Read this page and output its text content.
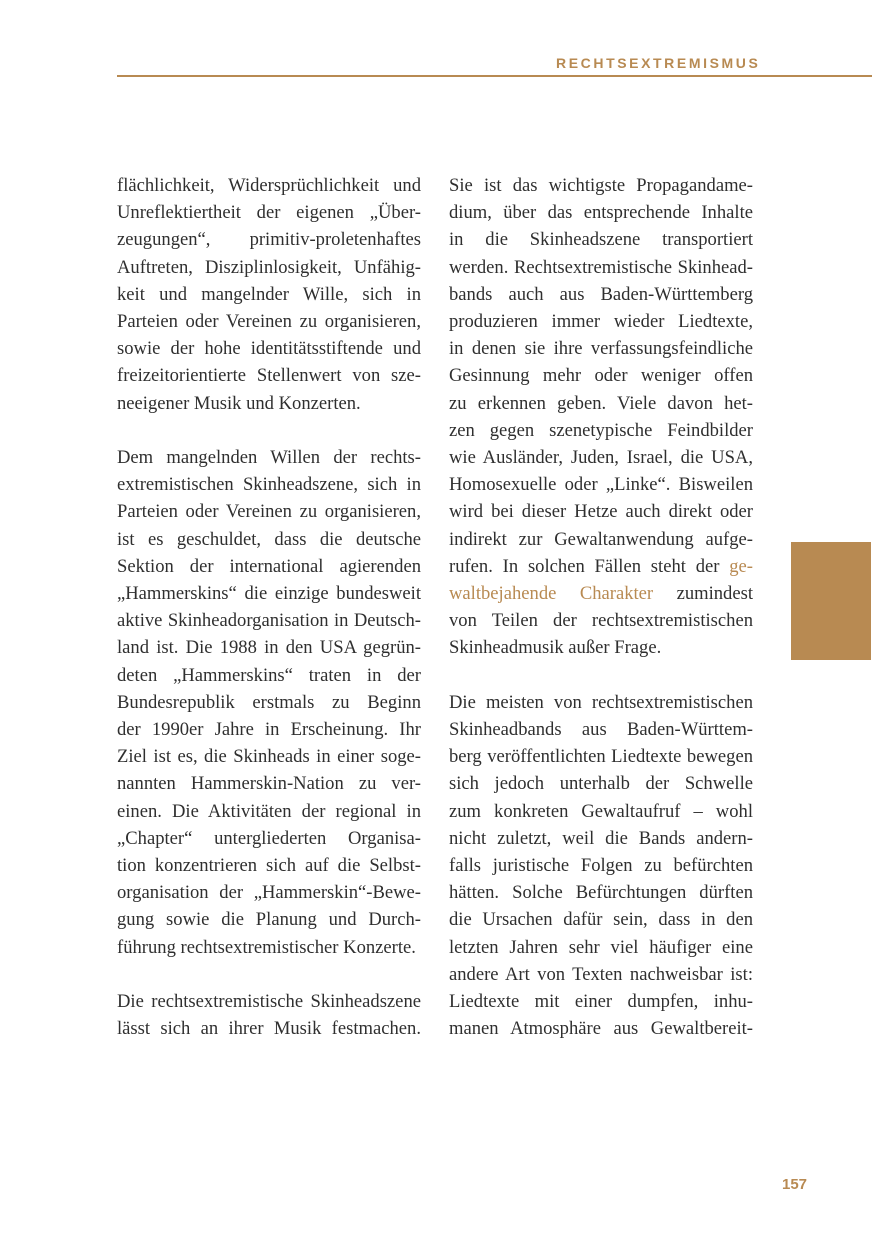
RECHTSEXTREMISMUS

flächlichkeit, Widersprüchlichkeit und
Unreflektiertheit der eigenen „Über-
zeugungen“, primitiv-proletenhaftes
Auftreten, Disziplinlosigkeit, Unfähig-
keit und mangelnder Wille, sich in
Parteien oder Vereinen zu organisieren,
sowie der hohe identitätsstiftende und
freizeitorientierte Stellenwert von sze-
neeigener Musik und Konzerten.

Dem mangelnden Willen der rechts-
extremistischen Skinheadszene, sich in
Parteien oder Vereinen zu organisieren,
ist es geschuldet, dass die deutsche
Sektion der international agierenden
„Hammerskins“ die einzige bundesweit
aktive Skinheadorganisation in Deutsch-
land ist. Die 1988 in den USA gegrün-
deten „Hammerskins“ traten in der
Bundesrepublik erstmals zu Beginn
der 1990er Jahre in Erscheinung. Ihr
Ziel ist es, die Skinheads in einer soge-
nannten Hammerskin-Nation zu ver-
einen. Die Aktivitäten der regional in
„Chapter“ untergliederten Organisa-
tion konzentrieren sich auf die Selbst-
organisation der „Hammerskin“-Bewe-
gung sowie die Planung und Durch-
führung rechtsextremistischer Konzerte.

Die rechtsextremistische Skinheadszene
lässt sich an ihrer Musik festmachen.

Sie ist das wichtigste Propagandame-
dium, über das entsprechende Inhalte
in die Skinheadszene transportiert
werden. Rechtsextremistische Skinhead-
bands auch aus Baden-Württemberg
produzieren immer wieder Liedtexte,
in denen sie ihre verfassungsfeindliche
Gesinnung mehr oder weniger offen
zu erkennen geben. Viele davon het-
zen gegen szenetypische Feindbilder
wie Ausländer, Juden, Israel, die USA,
Homosexuelle oder „Linke“. Bisweilen
wird bei dieser Hetze auch direkt oder
indirekt zur Gewaltanwendung aufge-
rufen. In solchen Fällen steht der ge-
waltbejahende Charakter zumindest
von Teilen der rechtsextremistischen
Skinheadmusik außer Frage.

Die meisten von rechtsextremistischen
Skinheadbands aus Baden-Württem-
berg veröffentlichten Liedtexte bewegen
sich jedoch unterhalb der Schwelle
zum konkreten Gewaltaufruf – wohl
nicht zuletzt, weil die Bands andern-
falls juristische Folgen zu befürchten
hätten. Solche Befürchtungen dürften
die Ursachen dafür sein, dass in den
letzten Jahren sehr viel häufiger eine
andere Art von Texten nachweisbar ist:
Liedtexte mit einer dumpfen, inhu-
manen Atmosphäre aus Gewaltbereit-

157
